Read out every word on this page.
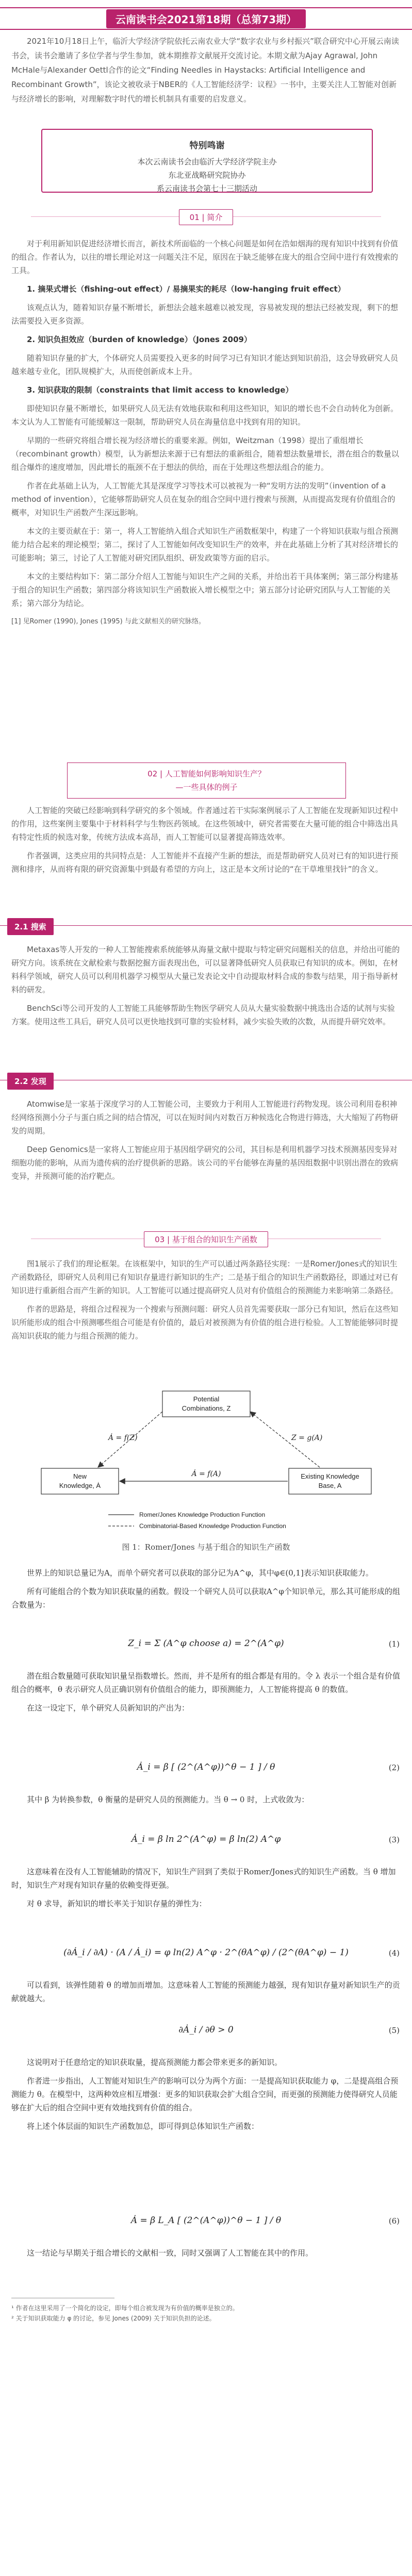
云南读书会2021第18期（总第73期）

2021年10月18日上午，临沂大学经济学院依托云南农业大学“数字农业与乡村振兴”联合研究中心开展云南读书会，读书会邀请了多位学者与学生参加，就本期推荐文献展开交流讨论。本期文献为Ajay Agrawal, John McHale与Alexander Oettl合作的论文“Finding Needles in Haystacks: Artificial Intelligence and Recombinant Growth”，该论文被收录于NBER的《人工智能经济学：议程》一书中，主要关注人工智能对创新与经济增长的影响，对理解数字时代的增长机制具有重要的启发意义。

特别鸣谢
本次云南读书会由临沂大学经济学院主办
东北亚战略研究院协办
系云南读书会第七十三期活动
01 | 简介

对于利用新知识促进经济增长而言，新技术所面临的一个核心问题是如何在浩如烟海的现有知识中找到有价值的组合。作者认为，以往的增长理论对这一问题关注不足，原因在于缺乏能够在庞大的组合空间中进行有效搜索的工具。

1. 摘果式增长（fishing-out effect）/ 易摘果实的耗尽（low-hanging fruit effect）

该观点认为，随着知识存量不断增长，新想法会越来越难以被发现，容易被发现的想法已经被发现，剩下的想法需要投入更多资源。

2. 知识负担效应（burden of knowledge）（Jones 2009）

随着知识存量的扩大，个体研究人员需要投入更多的时间学习已有知识才能达到知识前沿，这会导致研究人员越来越专业化，团队规模扩大，从而使创新成本上升。

3. 知识获取的限制（constraints that limit access to knowledge）

即使知识存量不断增长，如果研究人员无法有效地获取和利用这些知识，知识的增长也不会自动转化为创新。本文认为人工智能有可能缓解这一限制，帮助研究人员在海量信息中找到有用的知识。

早期的一些研究将组合增长视为经济增长的重要来源。例如，Weitzman（1998）提出了重组增长（recombinant growth）模型，认为新想法来源于已有想法的重新组合，随着想法数量增长，潜在组合的数量以组合爆炸的速度增加，因此增长的瓶颈不在于想法的供给，而在于处理这些想法组合的能力。

作者在此基础上认为，人工智能尤其是深度学习等技术可以被视为一种“发明方法的发明”（invention of a method of invention），它能够帮助研究人员在复杂的组合空间中进行搜索与预测，从而提高发现有价值组合的概率，对知识生产函数产生深远影响。

本文的主要贡献在于：第一，将人工智能纳入组合式知识生产函数框架中，构建了一个将知识获取与组合预测能力结合起来的理论模型；第二，探讨了人工智能如何改变知识生产的效率，并在此基础上分析了其对经济增长的可能影响；第三，讨论了人工智能对研究团队组织、研发政策等方面的启示。

本文的主要结构如下：第二部分介绍人工智能与知识生产之间的关系，并给出若干具体案例；第三部分构建基于组合的知识生产函数；第四部分将该知识生产函数嵌入增长模型之中；第五部分讨论研究团队与人工智能的关系；第六部分为结论。

[1] 见Romer (1990), Jones (1995) 与此文献相关的研究脉络。

02 | 人工智能如何影响知识生产？
—一些具体的例子

人工智能的突破已经影响到科学研究的多个领域。作者通过若干实际案例展示了人工智能在发现新知识过程中的作用，这些案例主要集中于材料科学与生物医药领域。在这些领域中，研究者需要在大量可能的组合中筛选出具有特定性质的候选对象，传统方法成本高昂，而人工智能可以显著提高筛选效率。

作者强调，这类应用的共同特点是：人工智能并不直接产生新的想法，而是帮助研究人员对已有的知识进行预测和排序，从而将有限的研究资源集中到最有希望的方向上，这正是本文所讨论的“在干草堆里找针”的含义。

2.1 搜索

Metaxas等人开发的一种人工智能搜索系统能够从海量文献中提取与特定研究问题相关的信息，并给出可能的研究方向。该系统在文献检索与数据挖掘方面表现出色，可以显著降低研究人员获取已有知识的成本。例如，在材料科学领域，研究人员可以利用机器学习模型从大量已发表论文中自动提取材料合成的参数与结果，用于指导新材料的研发。

BenchSci等公司开发的人工智能工具能够帮助生物医学研究人员从大量实验数据中挑选出合适的试剂与实验方案。使用这些工具后，研究人员可以更快地找到可靠的实验材料，减少实验失败的次数，从而提升研究效率。

2.2 发现

Atomwise是一家基于深度学习的人工智能公司，主要致力于利用人工智能进行药物发现。该公司利用卷积神经网络预测小分子与蛋白质之间的结合情况，可以在短时间内对数百万种候选化合物进行筛选，大大缩短了药物研发的周期。

Deep Genomics是一家将人工智能应用于基因组学研究的公司，其目标是利用机器学习技术预测基因变异对细胞功能的影响，从而为遗传病的治疗提供新的思路。该公司的平台能够在海量的基因组数据中识别出潜在的致病变异，并预测可能的治疗靶点。

03 | 基于组合的知识生产函数

图1展示了我们的理论框架。在该框架中，知识的生产可以通过两条路径实现：一是Romer/Jones式的知识生产函数路径，即研究人员利用已有知识存量进行新知识的生产；二是基于组合的知识生产函数路径，即通过对已有知识进行重新组合而产生新的知识。人工智能可以通过提高研究人员对有价值组合的预测能力来影响第二条路径。

作者的思路是，将组合过程视为一个搜索与预测问题：研究人员首先需要获取一部分已有知识，然后在这些知识所能形成的组合中预测哪些组合可能是有价值的，最后对被预测为有价值的组合进行检验。人工智能能够同时提高知识获取的能力与组合预测的能力。

Potential
Combinations, Z
New
Knowledge, Ȧ
Existing Knowledge
Base, A
Ȧ = f(Z)	Z = g(A)
Ȧ = f(A)
Romer/Jones Knowledge Production Function
Combinatorial-Based Knowledge Production Function
图 1：Romer/Jones 与基于组合的知识生产函数

世界上的知识总量记为A，而单个研究者可以获取的部分记为A^φ，其中φ∈(0,1]表示知识获取能力。

所有可能组合的个数为知识获取量的函数。假设一个研究人员可以获取A^φ个知识单元，那么其可能形成的组合数量为：

Z_i = Σ (A^φ choose a) = 2^(A^φ)	(1)

潜在组合数量随可获取知识量呈指数增长。然而，并不是所有的组合都是有用的。令 λ 表示一个组合是有价值组合的概率，θ 表示研究人员正确识别有价值组合的能力，即预测能力，人工智能将提高 θ 的数值。

在这一设定下，单个研究人员新知识的产出为：

Ȧ_i = β [ (2^(A^φ))^θ − 1 ] / θ	(2)

其中 β 为转换参数，θ 衡量的是研究人员的预测能力。当 θ → 0 时，上式收敛为：

Ȧ_i = β ln 2^(A^φ) = β ln(2) A^φ	(3)

这意味着在没有人工智能辅助的情况下，知识生产回到了类似于Romer/Jones式的知识生产函数。当 θ 增加时，知识生产对现有知识存量的依赖变得更强。

对 θ 求导，新知识的增长率关于知识存量的弹性为：

(∂Ȧ_i / ∂A) · (A / Ȧ_i) = φ ln(2) A^φ · 2^(θA^φ) / (2^(θA^φ) − 1)	(4)

可以看到，该弹性随着 θ 的增加而增加。这意味着人工智能的预测能力越强，现有知识存量对新知识生产的贡献就越大。

∂Ȧ_i / ∂θ > 0	(5)

这说明对于任意给定的知识获取量，提高预测能力都会带来更多的新知识。

作者进一步指出，人工智能对知识生产的影响可以分为两个方面：一是提高知识获取能力 φ，二是提高组合预测能力 θ。在模型中，这两种效应相互增强：更多的知识获取会扩大组合空间，而更强的预测能力使得研究人员能够在扩大后的组合空间中更有效地找到有价值的组合。

将上述个体层面的知识生产函数加总，即可得到总体知识生产函数：

Ȧ = β L_A [ (2^(A^φ))^θ − 1 ] / θ	(6)

这一结论与早期关于组合增长的文献相一致，同时又强调了人工智能在其中的作用。

¹ 作者在这里采用了一个简化的设定，即每个组合被发现为有价值的概率是独立的。
² 关于知识获取能力 φ 的讨论，参见 Jones (2009) 关于知识负担的论述。
